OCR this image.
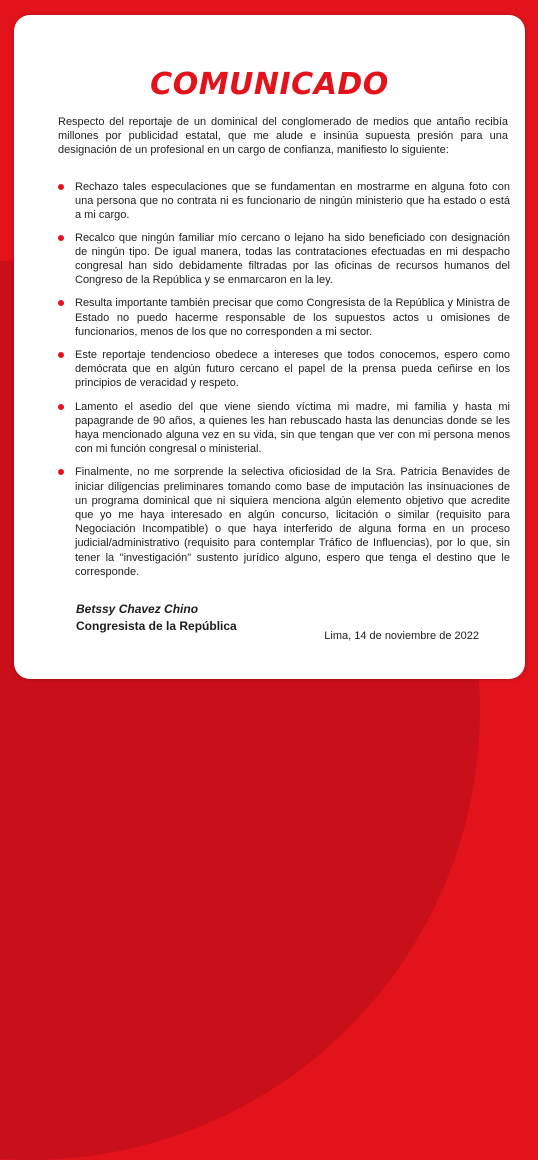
COMUNICADO

Respecto del reportaje de un dominical del conglomerado de medios que antaño recibía millones por publicidad estatal, que me alude e insinúa supuesta presión para una designación de un profesional en un cargo de confianza, manifiesto lo siguiente:

Rechazo tales especulaciones que se fundamentan en mostrarme en alguna foto con una persona que no contrata ni es funcionario de ningún ministerio que ha estado o está a mi cargo.
Recalco que ningún familiar mío cercano o lejano ha sido beneficiado con designación de ningún tipo. De igual manera, todas las contrataciones efectuadas en mi despacho congresal han sido debidamente filtradas por las oficinas de recursos humanos del Congreso de la República y se enmarcaron en la ley.
Resulta importante también precisar que como Congresista de la República y Ministra de Estado no puedo hacerme responsable de los supuestos actos u omisiones de funcionarios, menos de los que no corresponden a mi sector.
Este reportaje tendencioso obedece a intereses que todos conocemos, espero como demócrata que en algún futuro cercano el papel de la prensa pueda ceñirse en los principios de veracidad y respeto.
Lamento el asedio del que viene siendo víctima mi madre, mi familia y hasta mi papagrande de 90 años, a quienes les han rebuscado hasta las denuncias donde se les haya mencionado alguna vez en su vida, sin que tengan que ver con mi persona menos con mi función congresal o ministerial.
Finalmente, no me sorprende la selectiva oficiosidad de la Sra. Patricia Benavides de iniciar diligencias preliminares tomando como base de imputación las insinuaciones de un programa dominical que ni siquiera menciona algún elemento objetivo que acredite que yo me haya interesado en algún concurso, licitación o similar (requisito para Negociación Incompatible) o que haya interferido de alguna forma en un proceso judicial/administrativo (requisito para contemplar Tráfico de Influencias), por lo que, sin tener la "investigación" sustento jurídico alguno, espero que tenga el destino que le corresponde.

Betssy Chavez Chino

Congresista de la República

Lima, 14 de noviembre de 2022
